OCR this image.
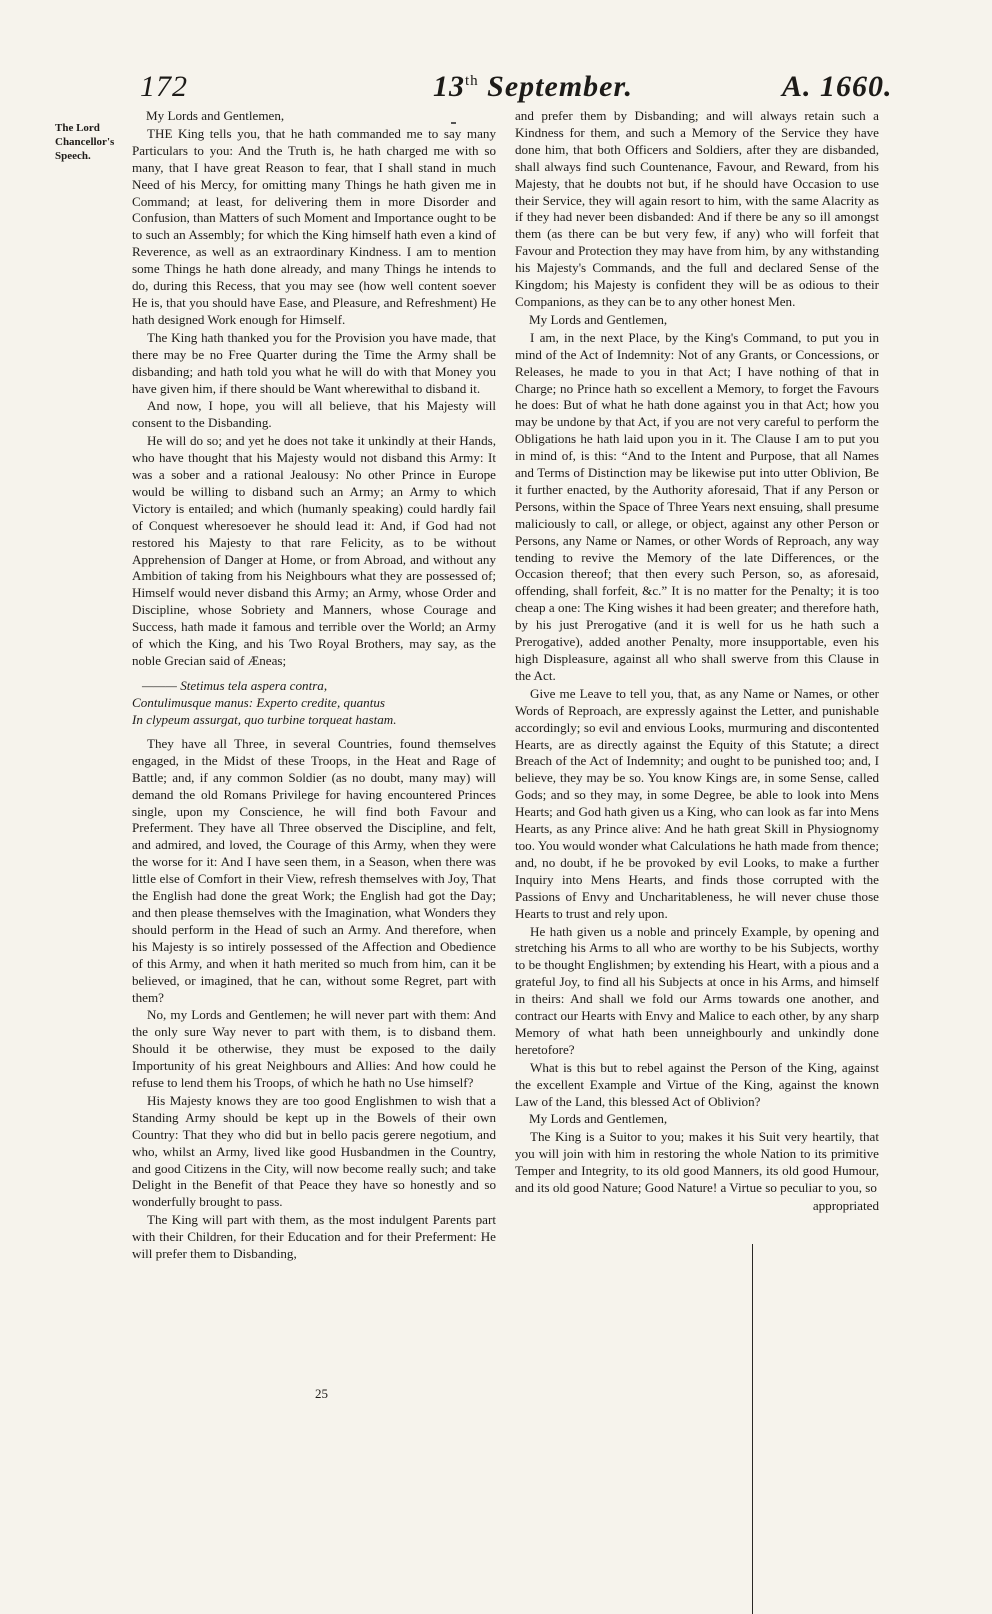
172	13th September.	A. 1660.
The Lord
Chancellor's
Speech.

My Lords and Gentlemen,

THE King tells you, that he hath commanded me to say many Particulars to you: And the Truth is, he hath charged me with so many, that I have great Reason to fear, that I shall stand in much Need of his Mercy, for omitting many Things he hath given me in Command; at least, for delivering them in more Disorder and Confusion, than Matters of such Moment and Importance ought to be to such an Assembly; for which the King himself hath even a kind of Reverence, as well as an extraordinary Kindness. I am to mention some Things he hath done already, and many Things he intends to do, during this Recess, that you may see (how well content soever He is, that you should have Ease, and Pleasure, and Refreshment) He hath designed Work enough for Himself.

The King hath thanked you for the Provision you have made, that there may be no Free Quarter during the Time the Army shall be disbanding; and hath told you what he will do with that Money you have given him, if there should be Want wherewithal to disband it.

And now, I hope, you will all believe, that his Majesty will consent to the Disbanding.

He will do so; and yet he does not take it unkindly at their Hands, who have thought that his Majesty would not disband this Army: It was a sober and a rational Jealousy: No other Prince in Europe would be willing to disband such an Army; an Army to which Victory is entailed; and which (humanly speaking) could hardly fail of Conquest wheresoever he should lead it: And, if God had not restored his Majesty to that rare Felicity, as to be without Apprehension of Danger at Home, or from Abroad, and without any Ambition of taking from his Neighbours what they are possessed of; Himself would never disband this Army; an Army, whose Order and Discipline, whose Sobriety and Manners, whose Courage and Success, hath made it famous and terrible over the World; an Army of which the King, and his Two Royal Brothers, may say, as the noble Grecian said of Æneas;

——— Stetimus tela aspera contra,
Contulimusque manus: Experto credite, quantus
In clypeum assurgat, quo turbine torqueat hastam.

They have all Three, in several Countries, found themselves engaged, in the Midst of these Troops, in the Heat and Rage of Battle; and, if any common Soldier (as no doubt, many may) will demand the old Romans Privilege for having encountered Princes single, upon my Conscience, he will find both Favour and Preferment. They have all Three observed the Discipline, and felt, and admired, and loved, the Courage of this Army, when they were the worse for it: And I have seen them, in a Season, when there was little else of Comfort in their View, refresh themselves with Joy, That the English had done the great Work; the English had got the Day; and then please themselves with the Imagination, what Wonders they should perform in the Head of such an Army. And therefore, when his Majesty is so intirely possessed of the Affection and Obedience of this Army, and when it hath merited so much from him, can it be believed, or imagined, that he can, without some Regret, part with them?

No, my Lords and Gentlemen; he will never part with them: And the only sure Way never to part with them, is to disband them. Should it be otherwise, they must be exposed to the daily Importunity of his great Neighbours and Allies: And how could he refuse to lend them his Troops, of which he hath no Use himself?

His Majesty knows they are too good Englishmen to wish that a Standing Army should be kept up in the Bowels of their own Country: That they who did but in bello pacis gerere negotium, and who, whilst an Army, lived like good Husbandmen in the Country, and good Citizens in the City, will now become really such; and take Delight in the Benefit of that Peace they have so honestly and so wonderfully brought to pass.

The King will part with them, as the most indulgent Parents part with their Children, for their Education and for their Preferment: He will prefer them to Disbanding,

and prefer them by Disbanding; and will always retain such a Kindness for them, and such a Memory of the Service they have done him, that both Officers and Soldiers, after they are disbanded, shall always find such Countenance, Favour, and Reward, from his Majesty, that he doubts not but, if he should have Occasion to use their Service, they will again resort to him, with the same Alacrity as if they had never been disbanded: And if there be any so ill amongst them (as there can be but very few, if any) who will forfeit that Favour and Protection they may have from him, by any withstanding his Majesty's Commands, and the full and declared Sense of the Kingdom; his Majesty is confident they will be as odious to their Companions, as they can be to any other honest Men.

My Lords and Gentlemen,

I am, in the next Place, by the King's Command, to put you in mind of the Act of Indemnity: Not of any Grants, or Concessions, or Releases, he made to you in that Act; I have nothing of that in Charge; no Prince hath so excellent a Memory, to forget the Favours he does: But of what he hath done against you in that Act; how you may be undone by that Act, if you are not very careful to perform the Obligations he hath laid upon you in it. The Clause I am to put you in mind of, is this: “And to the Intent and Purpose, that all Names and Terms of Distinction may be likewise put into utter Oblivion, Be it further enacted, by the Authority aforesaid, That if any Person or Persons, within the Space of Three Years next ensuing, shall presume maliciously to call, or allege, or object, against any other Person or Persons, any Name or Names, or other Words of Reproach, any way tending to revive the Memory of the late Differences, or the Occasion thereof; that then every such Person, so, as aforesaid, offending, shall forfeit, &c.” It is no matter for the Penalty; it is too cheap a one: The King wishes it had been greater; and therefore hath, by his just Prerogative (and it is well for us he hath such a Prerogative), added another Penalty, more insupportable, even his high Displeasure, against all who shall swerve from this Clause in the Act.

Give me Leave to tell you, that, as any Name or Names, or other Words of Reproach, are expressly against the Letter, and punishable accordingly; so evil and envious Looks, murmuring and discontented Hearts, are as directly against the Equity of this Statute; a direct Breach of the Act of Indemnity; and ought to be punished too; and, I believe, they may be so. You know Kings are, in some Sense, called Gods; and so they may, in some Degree, be able to look into Mens Hearts; and God hath given us a King, who can look as far into Mens Hearts, as any Prince alive: And he hath great Skill in Physiognomy too. You would wonder what Calculations he hath made from thence; and, no doubt, if he be provoked by evil Looks, to make a further Inquiry into Mens Hearts, and finds those corrupted with the Passions of Envy and Uncharitableness, he will never chuse those Hearts to trust and rely upon.

He hath given us a noble and princely Example, by opening and stretching his Arms to all who are worthy to be his Subjects, worthy to be thought Englishmen; by extending his Heart, with a pious and a grateful Joy, to find all his Subjects at once in his Arms, and himself in theirs: And shall we fold our Arms towards one another, and contract our Hearts with Envy and Malice to each other, by any sharp Memory of what hath been unneighbourly and unkindly done heretofore?

What is this but to rebel against the Person of the King, against the excellent Example and Virtue of the King, against the known Law of the Land, this blessed Act of Oblivion?

My Lords and Gentlemen,

The King is a Suitor to you; makes it his Suit very heartily, that you will join with him in restoring the whole Nation to its primitive Temper and Integrity, to its old good Manners, its old good Humour, and its old good Nature; Good Nature! a Virtue so peculiar to you, so

appropriated

25
